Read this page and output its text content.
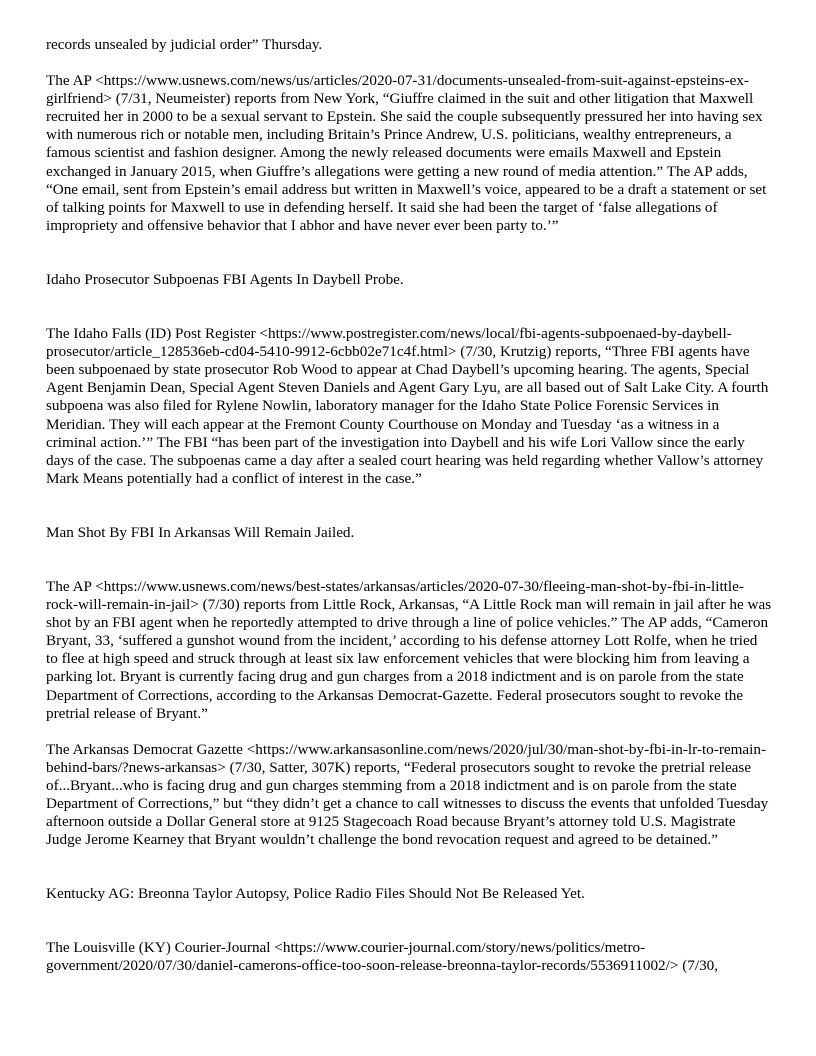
records unsealed by judicial order” Thursday.

The AP <https://www.usnews.com/news/us/articles/2020-07-31/documents-unsealed-from-suit-against-epsteins-ex-girlfriend> (7/31, Neumeister) reports from New York, “Giuffre claimed in the suit and other litigation that Maxwell recruited her in 2000 to be a sexual servant to Epstein. She said the couple subsequently pressured her into having sex with numerous rich or notable men, including Britain’s Prince Andrew, U.S. politicians, wealthy entrepreneurs, a famous scientist and fashion designer. Among the newly released documents were emails Maxwell and Epstein exchanged in January 2015, when Giuffre’s allegations were getting a new round of media attention.” The AP adds, “One email, sent from Epstein’s email address but written in Maxwell’s voice, appeared to be a draft a statement or set of talking points for Maxwell to use in defending herself. It said she had been the target of ‘false allegations of impropriety and offensive behavior that I abhor and have never ever been party to.’”

Idaho Prosecutor Subpoenas FBI Agents In Daybell Probe.

The Idaho Falls (ID) Post Register <https://www.postregister.com/news/local/fbi-agents-subpoenaed-by-daybell-prosecutor/article_128536eb-cd04-5410-9912-6cbb02e71c4f.html> (7/30, Krutzig) reports, “Three FBI agents have been subpoenaed by state prosecutor Rob Wood to appear at Chad Daybell’s upcoming hearing. The agents, Special Agent Benjamin Dean, Special Agent Steven Daniels and Agent Gary Lyu, are all based out of Salt Lake City. A fourth subpoena was also filed for Rylene Nowlin, laboratory manager for the Idaho State Police Forensic Services in Meridian. They will each appear at the Fremont County Courthouse on Monday and Tuesday ‘as a witness in a criminal action.’” The FBI “has been part of the investigation into Daybell and his wife Lori Vallow since the early days of the case. The subpoenas came a day after a sealed court hearing was held regarding whether Vallow’s attorney Mark Means potentially had a conflict of interest in the case.”

Man Shot By FBI In Arkansas Will Remain Jailed.

The AP <https://www.usnews.com/news/best-states/arkansas/articles/2020-07-30/fleeing-man-shot-by-fbi-in-little-rock-will-remain-in-jail> (7/30) reports from Little Rock, Arkansas, “A Little Rock man will remain in jail after he was shot by an FBI agent when he reportedly attempted to drive through a line of police vehicles.” The AP adds, “Cameron Bryant, 33, ‘suffered a gunshot wound from the incident,’ according to his defense attorney Lott Rolfe, when he tried to flee at high speed and struck through at least six law enforcement vehicles that were blocking him from leaving a parking lot. Bryant is currently facing drug and gun charges from a 2018 indictment and is on parole from the state Department of Corrections, according to the Arkansas Democrat-Gazette. Federal prosecutors sought to revoke the pretrial release of Bryant.”

The Arkansas Democrat Gazette <https://www.arkansasonline.com/news/2020/jul/30/man-shot-by-fbi-in-lr-to-remain-behind-bars/?news-arkansas> (7/30, Satter, 307K) reports, “Federal prosecutors sought to revoke the pretrial release of...Bryant...who is facing drug and gun charges stemming from a 2018 indictment and is on parole from the state Department of Corrections,” but “they didn’t get a chance to call witnesses to discuss the events that unfolded Tuesday afternoon outside a Dollar General store at 9125 Stagecoach Road because Bryant’s attorney told U.S. Magistrate Judge Jerome Kearney that Bryant wouldn’t challenge the bond revocation request and agreed to be detained.”

Kentucky AG: Breonna Taylor Autopsy, Police Radio Files Should Not Be Released Yet.

The Louisville (KY) Courier-Journal <https://www.courier-journal.com/story/news/politics/metro-government/2020/07/30/daniel-camerons-office-too-soon-release-breonna-taylor-records/5536911002/> (7/30,
